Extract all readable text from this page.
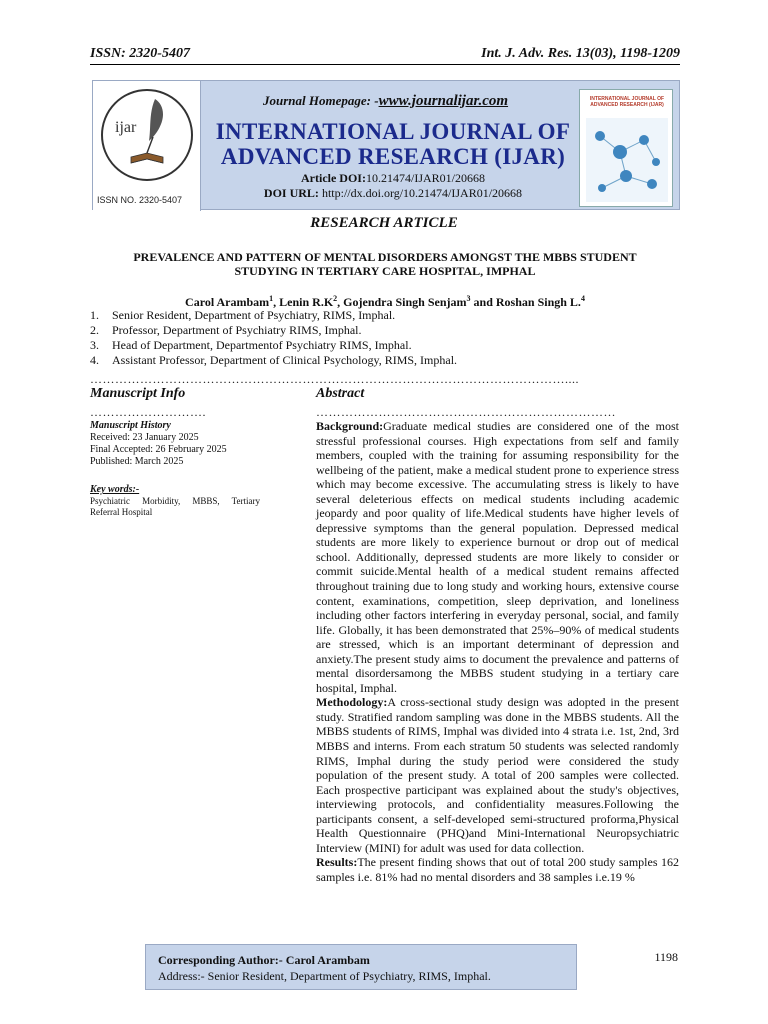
ISSN: 2320-5407	Int. J. Adv. Res. 13(03), 1198-1209
ijar
ISSN NO. 2320-5407
Journal Homepage: -www.journalijar.com
INTERNATIONAL JOURNAL OF
ADVANCED RESEARCH (IJAR)
Article DOI:10.21474/IJAR01/20668
DOI URL: http://dx.doi.org/10.21474/IJAR01/20668
INTERNATIONAL JOURNAL OF ADVANCED RESEARCH (IJAR)
RESEARCH ARTICLE
PREVALENCE AND PATTERN OF MENTAL DISORDERS AMONGST THE MBBS STUDENT
STUDYING IN TERTIARY CARE HOSPITAL, IMPHAL
Carol Arambam$^1$, Lenin $R.K^2$, Gojendra Singh Senjam$^3$ and Roshan Singh L.$^4$
1. Senior Resident, Department of Psychiatry, RIMS, Imphal.
2. Professor, Department of Psychiatry RIMS, Imphal.
3. Head of Department, Departmentof Psychiatry RIMS, Imphal.
4. Assistant Professor, Department of Clinical Psychology, RIMS, Imphal.
……………………………………………………………………………………………………....
Manuscript Info	Abstract
……………………….	………………………………………………………………
Manuscript History
Received: 23 January 2025
Final Accepted: 26 February 2025
Published: March 2025
Key words:-
Psychiatric Morbidity, MBBS, Tertiary Referral Hospital

Background:Graduate medical studies are considered one of the most stressful professional courses. High expectations from self and family members, coupled with the training for assuming responsibility for the wellbeing of the patient, make a medical student prone to experience stress which may become excessive. The accumulating stress is likely to have several deleterious effects on medical students including academic jeopardy and poor quality of life.Medical students have higher levels of depressive symptoms than the general population. Depressed medical students are more likely to experience burnout or drop out of medical school. Additionally, depressed students are more likely to consider or commit suicide.Mental health of a medical student remains affected throughout training due to long study and working hours, extensive course content, examinations, competition, sleep deprivation, and loneliness including other factors interfering in everyday personal, social, and family life. Globally, it has been demonstrated that 25%–90% of medical students are stressed, which is an important determinant of depression and anxiety.The present study aims to document the prevalence and patterns of mental disordersamong the MBBS student studying in a tertiary care hospital, Imphal.

Methodology:A cross-sectional study design was adopted in the present study. Stratified random sampling was done in the MBBS students. All the MBBS students of RIMS, Imphal was divided into 4 strata i.e. 1st, 2nd, 3rd MBBS and interns. From each stratum 50 students was selected randomly RIMS, Imphal during the study period were considered the study population of the present study. A total of 200 samples were collected. Each prospective participant was explained about the study's objectives, interviewing protocols, and confidentiality measures.Following the participants consent, a self-developed semi-structured proforma,Physical Health Questionnaire (PHQ)and Mini-International Neuropsychiatric Interview (MINI) for adult was used for data collection.

Results:The present finding shows that out of total 200 study samples 162 samples i.e. 81% had no mental disorders and 38 samples i.e.19 %

Corresponding Author:- Carol Arambam
Address:- Senior Resident, Department of Psychiatry, RIMS, Imphal.
1198
